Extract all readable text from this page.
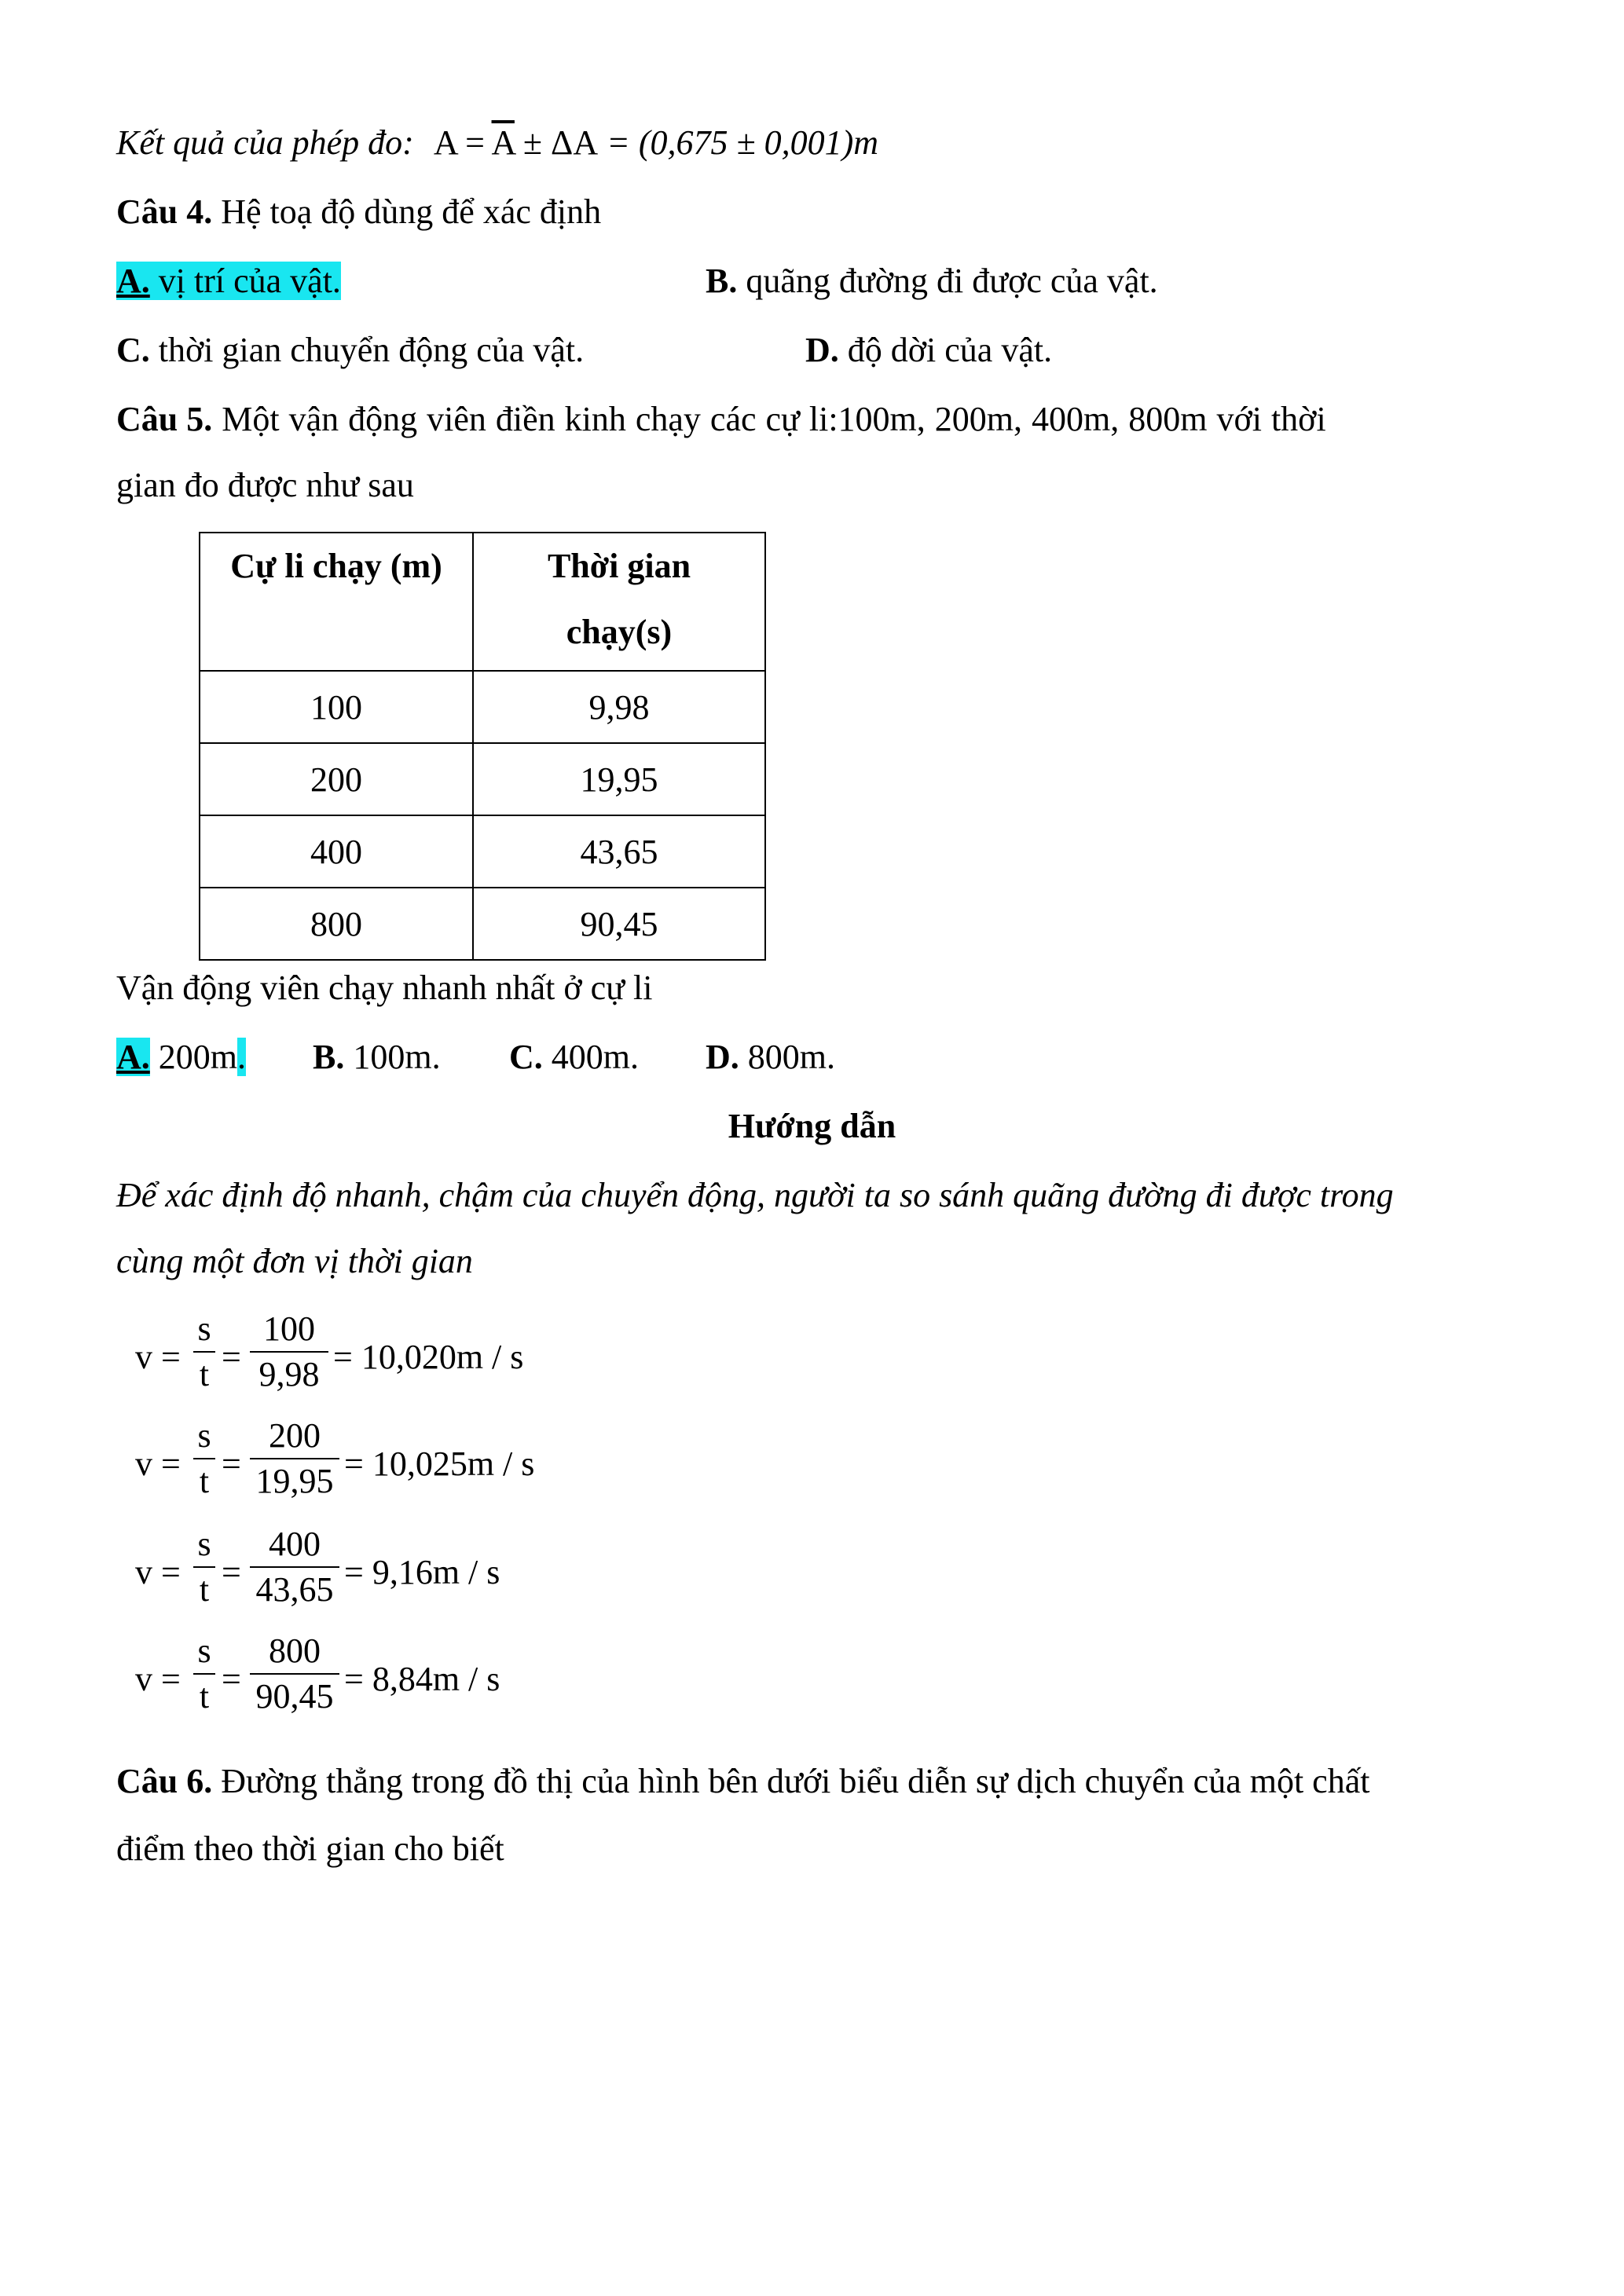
Kết quả của phép đo: $A = \overline{A} \pm \Delta A = (0,675 \pm 0,001)m$
Câu 4. Hệ toạ độ dùng để xác định
A. vị trí của vật.	B. quãng đường đi được của vật.
C. thời gian chuyển động của vật.	D. độ dời của vật.
Câu 5. Một vận động viên điền kinh chạy các cự li:100m, 200m, 400m, 800m với thời
gian đo được như sau
Cự li chạy (m)	Thời gian
chạy(s)
100	9,98
200	19,95
400	43,65
800	90,45
Vận động viên chạy nhanh nhất ở cự li
A. 200m. B. 100m. C. 400m. D. 800m.
Hướng dẫn
Để xác định độ nhanh, chậm của chuyển động, người ta so sánh quãng đường đi được trong
cùng một đơn vị thời gian
v =
s
t =
100
9,98 = 10,020m / s
v =
s
t =
200
19,95 = 10,025m / s
v =
s
t =
400
43,65 = 9,16m / s
v =
s
t =
800
90,45 = 8,84m / s
Câu 6. Đường thẳng trong đồ thị của hình bên dưới biểu diễn sự dịch chuyển của một chất
điểm theo thời gian cho biết
